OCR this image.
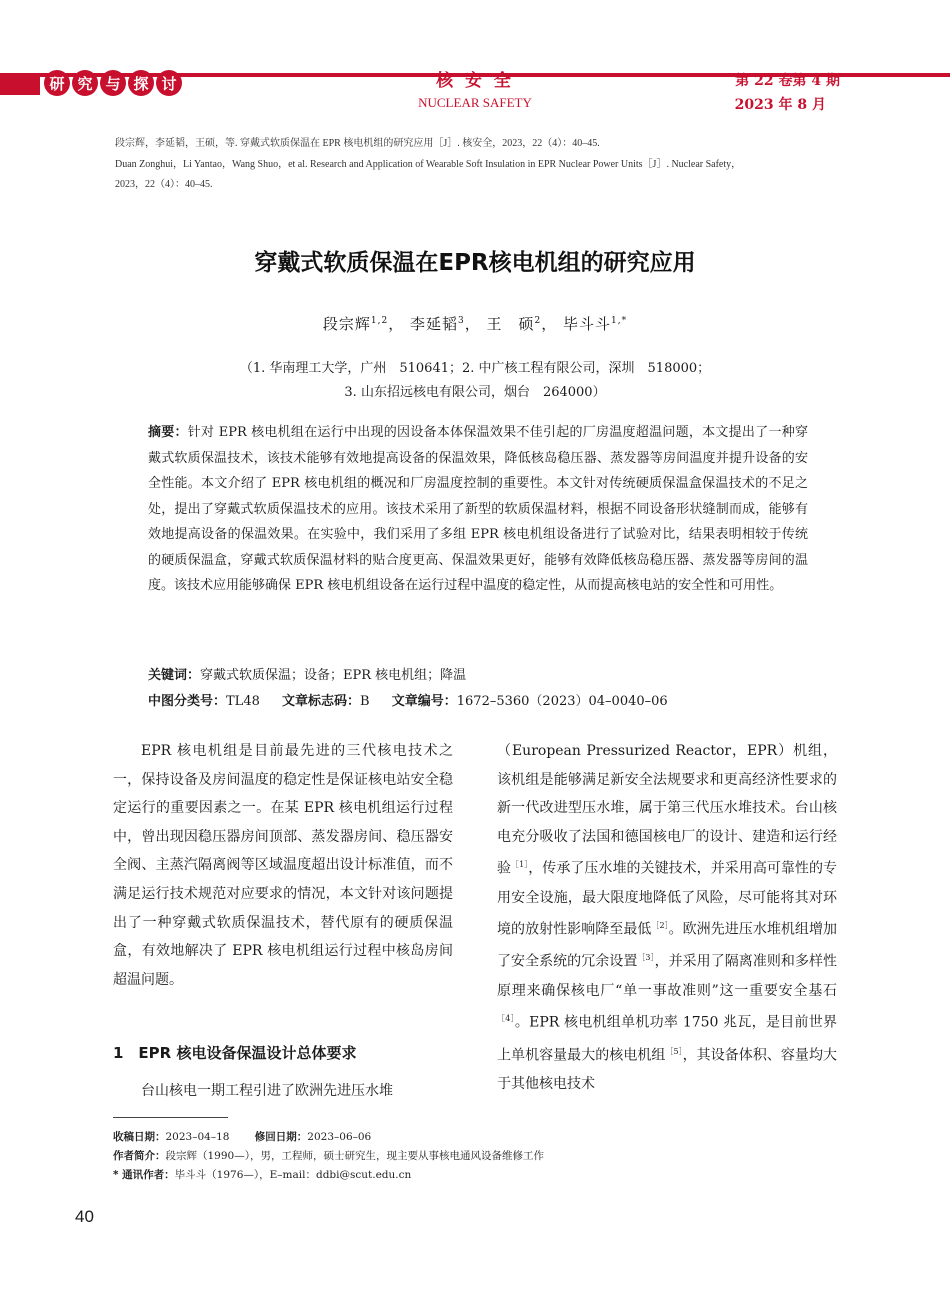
研 究 与 探 讨	核 安 全
NUCLEAR SAFETY
第 22 卷第 4 期
2023 年 8 月
段宗辉，李延韬，王硕，等. 穿戴式软质保温在 EPR 核电机组的研究应用［J］. 核安全，2023，22（4）：40–45.
Duan Zonghui，Li Yantao，Wang Shuo，et al. Research and Application of Wearable Soft Insulation in EPR Nuclear Power Units［J］. Nuclear Safety，
2023，22（4）：40–45.
穿戴式软质保温在EPR核电机组的研究应用
段宗辉$^{1,2}$， 李延韬$^3$， 王　硕$^2$， 毕斗斗$^{1,*}$
（1. 华南理工大学，广州　510641；2. 中广核工程有限公司，深圳　518000；
3. 山东招远核电有限公司，烟台　264000）
摘要：针对 EPR 核电机组在运行中出现的因设备本体保温效果不佳引起的厂房温度超温问题，本文提出了一种穿戴式软质保温技术，该技术能够有效地提高设备的保温效果，降低核岛稳压器、蒸发器等房间温度并提升设备的安全性能。本文介绍了 EPR 核电机组的概况和厂房温度控制的重要性。本文针对传统硬质保温盒保温技术的不足之处，提出了穿戴式软质保温技术的应用。该技术采用了新型的软质保温材料，根据不同设备形状缝制而成，能够有效地提高设备的保温效果。在实验中，我们采用了多组 EPR 核电机组设备进行了试验对比，结果表明相较于传统的硬质保温盒，穿戴式软质保温材料的贴合度更高、保温效果更好，能够有效降低核岛稳压器、蒸发器等房间的温度。该技术应用能够确保 EPR 核电机组设备在运行过程中温度的稳定性，从而提高核电站的安全性和可用性。
关键词：穿戴式软质保温；设备；EPR 核电机组；降温
中图分类号：TL48 文章标志码：B 文章编号：1672–5360（2023）04–0040–06
EPR 核电机组是目前最先进的三代核电技术之一，保持设备及房间温度的稳定性是保证核电站安全稳定运行的重要因素之一。在某 EPR 核电机组运行过程中，曾出现因稳压器房间顶部、蒸发器房间、稳压器安全阀、主蒸汽隔离阀等区域温度超出设计标准值，而不满足运行技术规范对应要求的情况，本文针对该问题提出了一种穿戴式软质保温技术，替代原有的硬质保温盒，有效地解决了 EPR 核电机组运行过程中核岛房间超温问题。
1　EPR 核电设备保温设计总体要求
台山核电一期工程引进了欧洲先进压水堆
（European Pressurized Reactor，EPR）机组，该机组是能够满足新安全法规要求和更高经济性要求的新一代改进型压水堆，属于第三代压水堆技术。台山核电充分吸收了法国和德国核电厂的设计、建造和运行经验$^{[1]}$，传承了压水堆的关键技术，并采用高可靠性的专用安全设施，最大限度地降低了风险，尽可能将其对环境的放射性影响降至最低$^{[2]}$。欧洲先进压水堆机组增加了安全系统的冗余设置$^{[3]}$，并采用了隔离准则和多样性原理来确保核电厂“单一事故准则”这一重要安全基石$^{[4]}$。EPR 核电机组单机功率 1750 兆瓦，是目前世界上单机容量最大的核电机组$^{[5]}$，其设备体积、容量均大于其他核电技术
收稿日期：2023–04–18 修回日期：2023–06–06
作者简介：段宗辉（1990—），男，工程师，硕士研究生，现主要从事核电通风设备维修工作
* 通讯作者：毕斗斗（1976—），E–mail：ddbi@scut.edu.cn
40
